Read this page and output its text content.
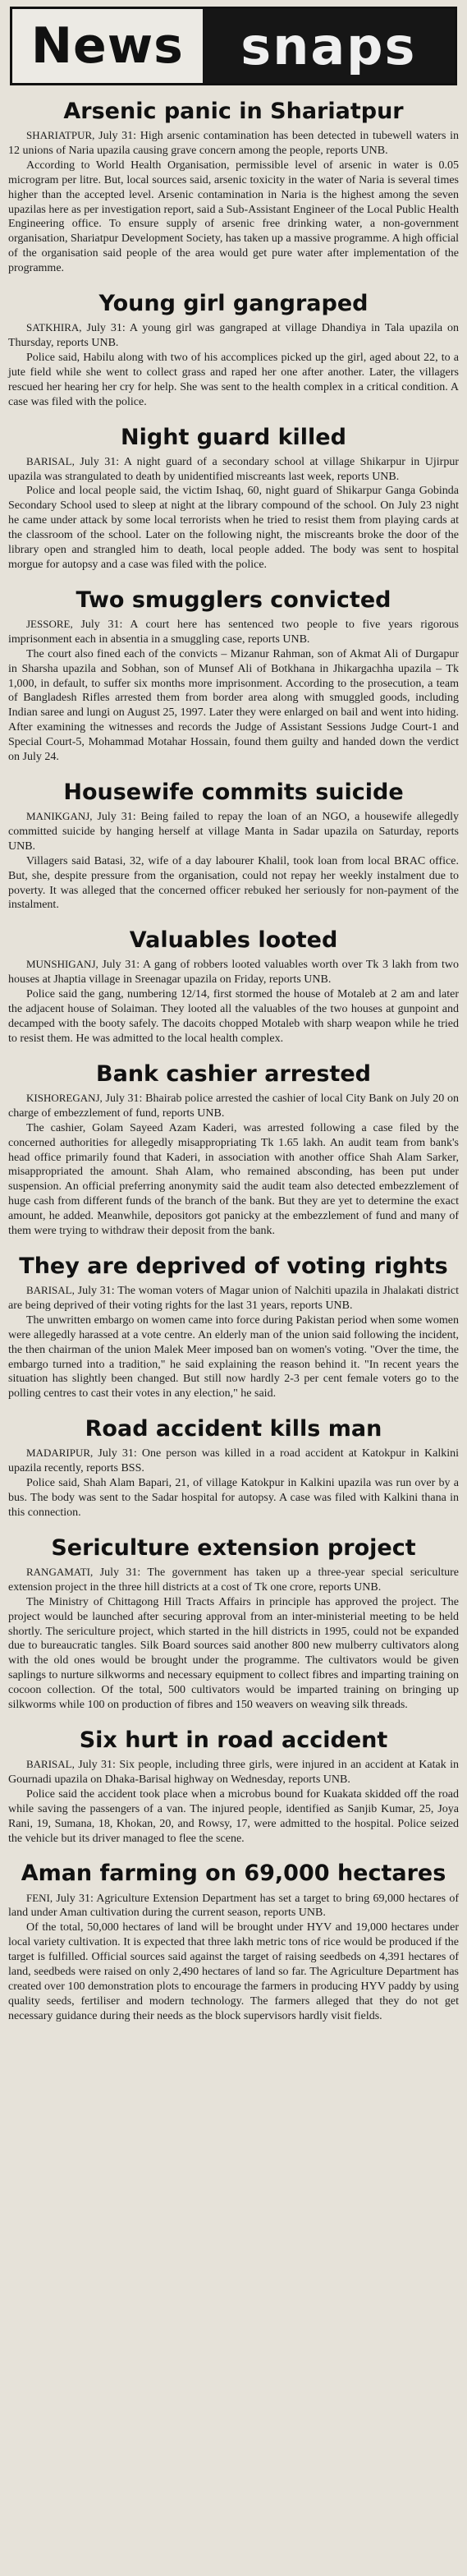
News	snaps
Arsenic panic in Shariatpur

SHARIATPUR, July 31: High arsenic contamination has been detected in tubewell waters in 12 unions of Naria upazila causing grave concern among the people, reports UNB.

According to World Health Organisation, permissible level of arsenic in water is 0.05 microgram per litre. But, local sources said, arsenic toxicity in the water of Naria is several times higher than the accepted level. Arsenic contamination in Naria is the highest among the seven upazilas here as per investigation report, said a Sub-Assistant Engineer of the Local Public Health Engineering office. To ensure supply of arsenic free drinking water, a non-government organisation, Shariatpur Development Society, has taken up a massive programme. A high official of the organisation said people of the area would get pure water after implementation of the programme.

Young girl gangraped

SATKHIRA, July 31: A young girl was gangraped at village Dhandiya in Tala upazila on Thursday, reports UNB.

Police said, Habilu along with two of his accomplices picked up the girl, aged about 22, to a jute field while she went to collect grass and raped her one after another. Later, the villagers rescued her hearing her cry for help. She was sent to the health complex in a critical condition. A case was filed with the police.

Night guard killed

BARISAL, July 31: A night guard of a secondary school at village Shikarpur in Ujirpur upazila was strangulated to death by unidentified miscreants last week, reports UNB.

Police and local people said, the victim Ishaq, 60, night guard of Shikarpur Ganga Gobinda Secondary School used to sleep at night at the library compound of the school. On July 23 night he came under attack by some local terrorists when he tried to resist them from playing cards at the classroom of the school. Later on the following night, the miscreants broke the door of the library open and strangled him to death, local people added. The body was sent to hospital morgue for autopsy and a case was filed with the police.

Two smugglers convicted

JESSORE, July 31: A court here has sentenced two people to five years rigorous imprisonment each in absentia in a smuggling case, reports UNB.

The court also fined each of the convicts – Mizanur Rahman, son of Akmat Ali of Durgapur in Sharsha upazila and Sobhan, son of Munsef Ali of Botkhana in Jhikargachha upazila – Tk 1,000, in default, to suffer six months more imprisonment. According to the prosecution, a team of Bangladesh Rifles arrested them from border area along with smuggled goods, including Indian saree and lungi on August 25, 1997. Later they were enlarged on bail and went into hiding. After examining the witnesses and records the Judge of Assistant Sessions Judge Court-1 and Special Court-5, Mohammad Motahar Hossain, found them guilty and handed down the verdict on July 24.

Housewife commits suicide

MANIKGANJ, July 31: Being failed to repay the loan of an NGO, a housewife allegedly committed suicide by hanging herself at village Manta in Sadar upazila on Saturday, reports UNB.

Villagers said Batasi, 32, wife of a day labourer Khalil, took loan from local BRAC office. But, she, despite pressure from the organisation, could not repay her weekly instalment due to poverty. It was alleged that the concerned officer rebuked her seriously for non-payment of the instalment.

Valuables looted

MUNSHIGANJ, July 31: A gang of robbers looted valuables worth over Tk 3 lakh from two houses at Jhaptia village in Sreenagar upazila on Friday, reports UNB.

Police said the gang, numbering 12/14, first stormed the house of Motaleb at 2 am and later the adjacent house of Solaiman. They looted all the valuables of the two houses at gunpoint and decamped with the booty safely. The dacoits chopped Motaleb with sharp weapon while he tried to resist them. He was admitted to the local health complex.

Bank cashier arrested

KISHOREGANJ, July 31: Bhairab police arrested the cashier of local City Bank on July 20 on charge of embezzlement of fund, reports UNB.

The cashier, Golam Sayeed Azam Kaderi, was arrested following a case filed by the concerned authorities for allegedly misappropriating Tk 1.65 lakh. An audit team from bank's head office primarily found that Kaderi, in association with another office Shah Alam Sarker, misappropriated the amount. Shah Alam, who remained absconding, has been put under suspension. An official preferring anonymity said the audit team also detected embezzlement of huge cash from different funds of the branch of the bank. But they are yet to determine the exact amount, he added. Meanwhile, depositors got panicky at the embezzlement of fund and many of them were trying to withdraw their deposit from the bank.

They are deprived of voting rights

BARISAL, July 31: The woman voters of Magar union of Nalchiti upazila in Jhalakati district are being deprived of their voting rights for the last 31 years, reports UNB.

The unwritten embargo on women came into force during Pakistan period when some women were allegedly harassed at a vote centre. An elderly man of the union said following the incident, the then chairman of the union Malek Meer imposed ban on women's voting. "Over the time, the embargo turned into a tradition," he said explaining the reason behind it. "In recent years the situation has slightly been changed. But still now hardly 2-3 per cent female voters go to the polling centres to cast their votes in any election," he said.

Road accident kills man

MADARIPUR, July 31: One person was killed in a road accident at Katokpur in Kalkini upazila recently, reports BSS.

Police said, Shah Alam Bapari, 21, of village Katokpur in Kalkini upazila was run over by a bus. The body was sent to the Sadar hospital for autopsy. A case was filed with Kalkini thana in this connection.

Sericulture extension project

RANGAMATI, July 31: The government has taken up a three-year special sericulture extension project in the three hill districts at a cost of Tk one crore, reports UNB.

The Ministry of Chittagong Hill Tracts Affairs in principle has approved the project. The project would be launched after securing approval from an inter-ministerial meeting to be held shortly. The sericulture project, which started in the hill districts in 1995, could not be expanded due to bureaucratic tangles. Silk Board sources said another 800 new mulberry cultivators along with the old ones would be brought under the programme. The cultivators would be given saplings to nurture silkworms and necessary equipment to collect fibres and imparting training on cocoon collection. Of the total, 500 cultivators would be imparted training on bringing up silkworms while 100 on production of fibres and 150 weavers on weaving silk threads.

Six hurt in road accident

BARISAL, July 31: Six people, including three girls, were injured in an accident at Katak in Gournadi upazila on Dhaka-Barisal highway on Wednesday, reports UNB.

Police said the accident took place when a microbus bound for Kuakata skidded off the road while saving the passengers of a van. The injured people, identified as Sanjib Kumar, 25, Joya Rani, 19, Sumana, 18, Khokan, 20, and Rowsy, 17, were admitted to the hospital. Police seized the vehicle but its driver managed to flee the scene.

Aman farming on 69,000 hectares

FENI, July 31: Agriculture Extension Department has set a target to bring 69,000 hectares of land under Aman cultivation during the current season, reports UNB.

Of the total, 50,000 hectares of land will be brought under HYV and 19,000 hectares under local variety cultivation. It is expected that three lakh metric tons of rice would be produced if the target is fulfilled. Official sources said against the target of raising seedbeds on 4,391 hectares of land, seedbeds were raised on only 2,490 hectares of land so far. The Agriculture Department has created over 100 demonstration plots to encourage the farmers in producing HYV paddy by using quality seeds, fertiliser and modern technology. The farmers alleged that they do not get necessary guidance during their needs as the block supervisors hardly visit fields.
